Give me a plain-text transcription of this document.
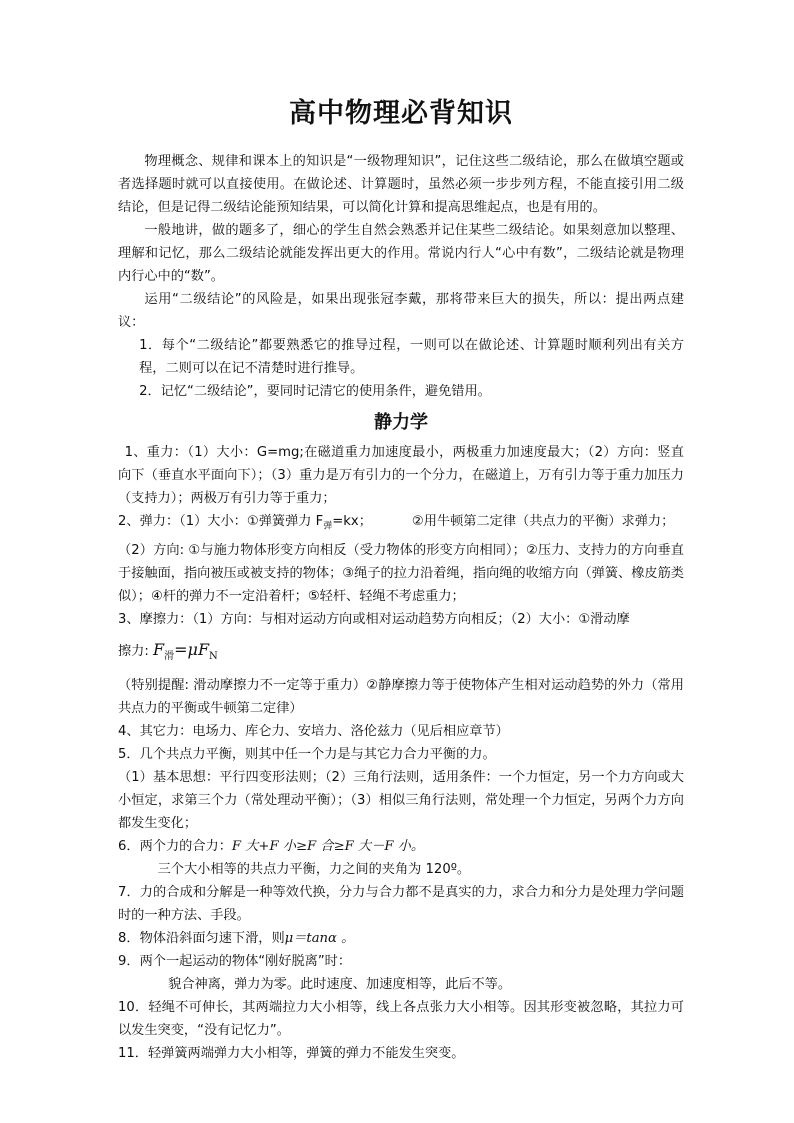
高中物理必背知识

物理概念、规律和课本上的知识是“一级物理知识”，记住这些二级结论，那么在做填空题或者选择题时就可以直接使用。在做论述、计算题时，虽然必须一步步列方程，不能直接引用二级结论，但是记得二级结论能预知结果，可以简化计算和提高思维起点，也是有用的。

一般地讲，做的题多了，细心的学生自然会熟悉并记住某些二级结论。如果刻意加以整理、理解和记忆，那么二级结论就能发挥出更大的作用。常说内行人“心中有数”，二级结论就是物理内行心中的“数”。

运用“二级结论”的风险是，如果出现张冠李戴，那将带来巨大的损失，所以：提出两点建议：

1．每个“二级结论”都要熟悉它的推导过程，一则可以在做论述、计算题时顺利列出有关方程，二则可以在记不清楚时进行推导。

2．记忆“二级结论”，要同时记清它的使用条件，避免错用。

静力学

1、重力：（1）大小：G=mg;在磁道重力加速度最小，两极重力加速度最大；（2）方向：竖直向下（垂直水平面向下）；（3）重力是万有引力的一个分力，在磁道上，万有引力等于重力加压力（支持力）；两极万有引力等于重力；

2、弹力：（1）大小：①弹簧弹力 $F_弹=kx$；	②用牛顿第二定律（共点力的平衡）求弹力；

（2）方向: ①与施力物体形变方向相反（受力物体的形变方向相同）；②压力、支持力的方向垂直于接触面，指向被压或被支持的物体；③绳子的拉力沿着绳，指向绳的收缩方向（弹簧、橡皮筋类似）；④杆的弹力不一定沿着杆；⑤轻杆、轻绳不考虑重力；

3、摩擦力：（1）方向：与相对运动方向或相对运动趋势方向相反；（2）大小：①滑动摩

擦力: $F_滑=\mu F_N$

（特别提醒: 滑动摩擦力不一定等于重力）②静摩擦力等于使物体产生相对运动趋势的外力（常用共点力的平衡或牛顿第二定律）

4、其它力：电场力、库仑力、安培力、洛伦兹力（见后相应章节）

5．几个共点力平衡，则其中任一个力是与其它力合力平衡的力。

（1）基本思想：平行四变形法则；（2）三角行法则，适用条件：一个力恒定，另一个力方向或大小恒定，求第三个力（常处理动平衡）；（3）相似三角行法则，常处理一个力恒定，另两个力方向都发生变化；

6．两个力的合力：F 大+F 小≥F 合≥F 大－F 小。

三个大小相等的共点力平衡，力之间的夹角为 120º。

7．力的合成和分解是一种等效代换，分力与合力都不是真实的力，求合力和分力是处理力学问题时的一种方法、手段。

8．物体沿斜面匀速下滑，则μ＝tanα 。

9．两个一起运动的物体“刚好脱离”时：

貌合神离，弹力为零。此时速度、加速度相等，此后不等。

10．轻绳不可伸长，其两端拉力大小相等，线上各点张力大小相等。因其形变被忽略，其拉力可以发生突变，“没有记忆力”。

11．轻弹簧两端弹力大小相等，弹簧的弹力不能发生突变。
